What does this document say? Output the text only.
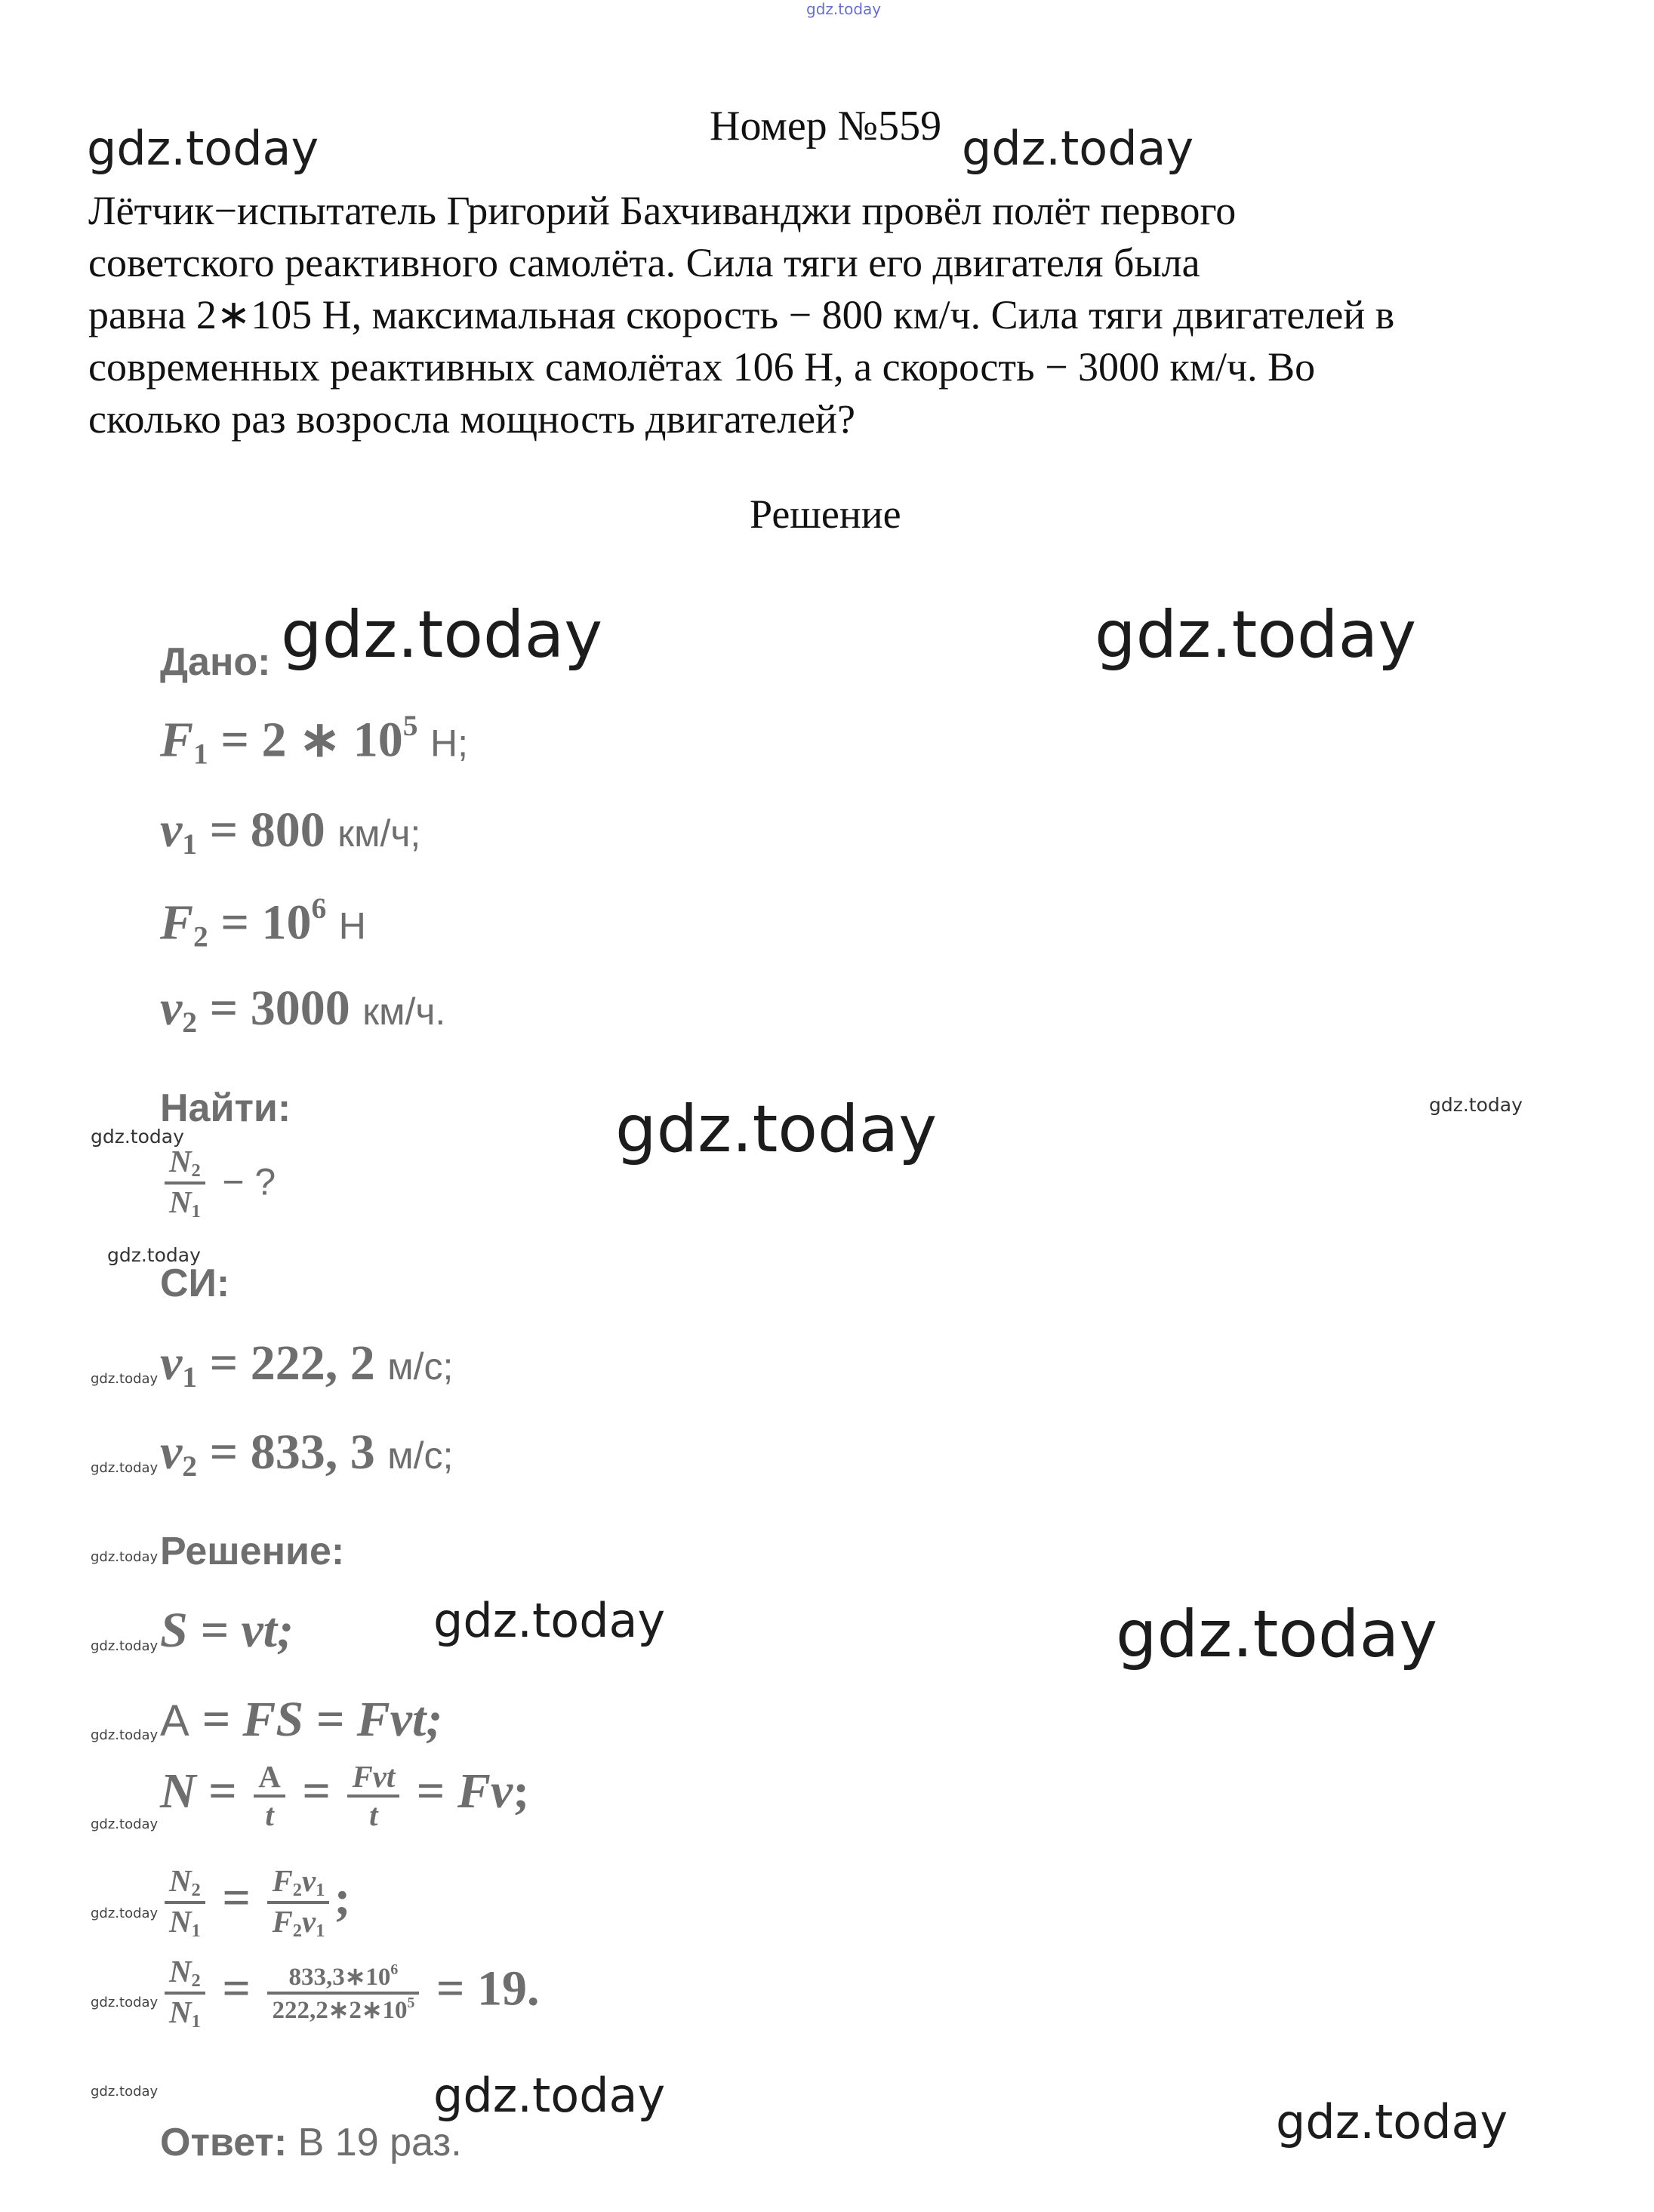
gdz.today
gdz.today	gdz.today
gdz.today	gdz.today
gdz.today	gdz.today
gdz.today
gdz.today
gdz.today
gdz.today
gdz.today
gdz.today
gdz.today
gdz.today
gdz.today
gdz.today
gdz.today
gdz.today	gdz.today
gdz.today	gdz.today
Номер №559
Лётчик−испытатель Григорий Бахчиванджи провёл полёт первого
советского реактивного самолёта. Сила тяги его двигателя была
равна 2∗105 Н, максимальная скорость − 800 км/ч. Сила тяги двигателей в
современных реактивных самолётах 106 Н, а скорость − 3000 км/ч. Во
сколько раз возросла мощность двигателей?
Решение
Дано:
$F_1 = 2$ ∗ $10^5$ Н;
$v_1 = 800$ км/ч;
$F_2 = 10^6$ Н
$v_2 = 3000$ км/ч.
Найти:
$\frac{N_2}{N_1}$ − ?
СИ:
$v_1 = 222$, 2 м/с;
$v_2 = 833$, 3 м/с;
Решение:
S = vt;
А = FS = Fvt;
$N = \frac{A}{t} = \frac{\text{Fvt}}{t} = Fv$;
$\frac{N_2}{N_1} = \frac{F_2v_1}{F_2v_1}$ ;
$\frac{N_2}{N_1} = \frac{833,3∗10^6}{222,2∗2∗10^5} = 19$.
Ответ: В 19 раз.
